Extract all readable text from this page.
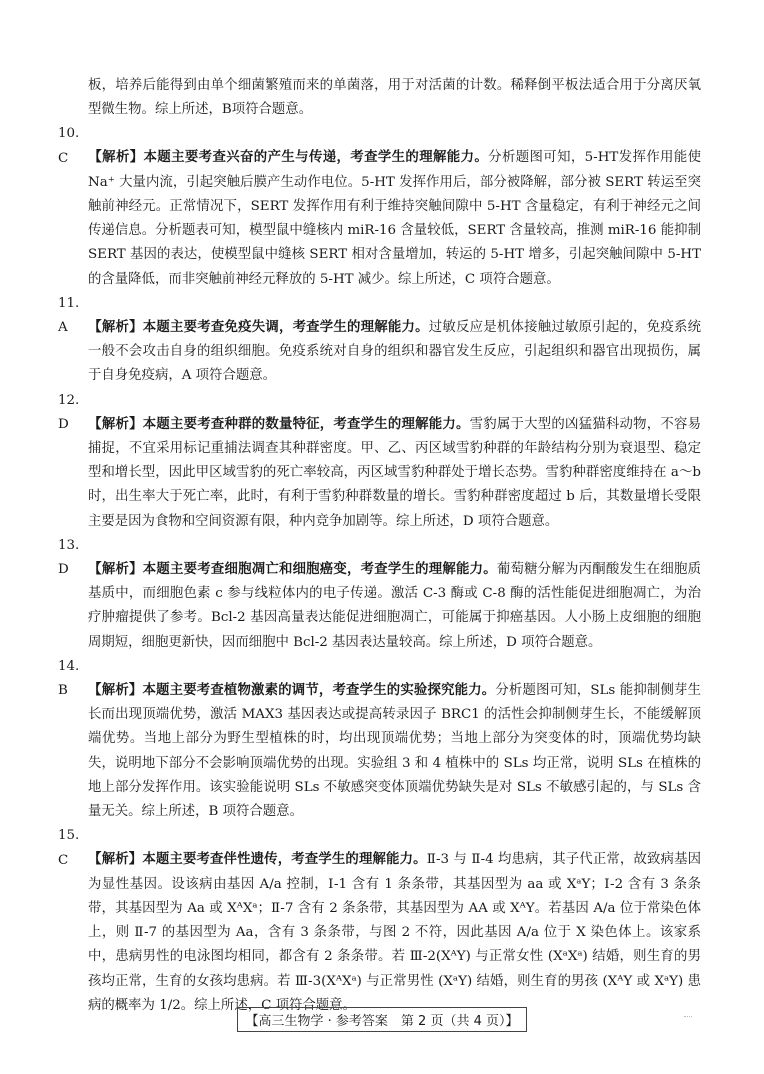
板，培养后能得到由单个细菌繁殖而来的单菌落，用于对活菌的计数。稀释倒平板法适合用于分离厌氧型微生物。综上所述，B项符合题意。

10. C 【解析】本题主要考查兴奋的产生与传递，考查学生的理解能力。分析题图可知，5-HT发挥作用能使 Na⁺ 大量内流，引起突触后膜产生动作电位。5-HT 发挥作用后，部分被降解，部分被 SERT 转运至突触前神经元。正常情况下，SERT 发挥作用有利于维持突触间隙中 5-HT 含量稳定，有利于神经元之间传递信息。分析题表可知，模型鼠中缝核内 miR-16 含量较低，SERT 含量较高，推测 miR-16 能抑制 SERT 基因的表达，使模型鼠中缝核 SERT 相对含量增加，转运的 5-HT 增多，引起突触间隙中 5-HT 的含量降低，而非突触前神经元释放的 5-HT 减少。综上所述，C 项符合题意。

11. A 【解析】本题主要考查免疫失调，考查学生的理解能力。过敏反应是机体接触过敏原引起的，免疫系统一般不会攻击自身的组织细胞。免疫系统对自身的组织和器官发生反应，引起组织和器官出现损伤，属于自身免疫病，A 项符合题意。

12. D 【解析】本题主要考查种群的数量特征，考查学生的理解能力。雪豹属于大型的凶猛猫科动物，不容易捕捉，不宜采用标记重捕法调查其种群密度。甲、乙、丙区域雪豹种群的年龄结构分别为衰退型、稳定型和增长型，因此甲区域雪豹的死亡率较高，丙区域雪豹种群处于增长态势。雪豹种群密度维持在 a～b 时，出生率大于死亡率，此时，有利于雪豹种群数量的增长。雪豹种群密度超过 b 后，其数量增长受限主要是因为食物和空间资源有限，种内竞争加剧等。综上所述，D 项符合题意。

13. D 【解析】本题主要考查细胞凋亡和细胞癌变，考查学生的理解能力。葡萄糖分解为丙酮酸发生在细胞质基质中，而细胞色素 c 参与线粒体内的电子传递。激活 C-3 酶或 C-8 酶的活性能促进细胞凋亡，为治疗肿瘤提供了参考。Bcl-2 基因高量表达能促进细胞凋亡，可能属于抑癌基因。人小肠上皮细胞的细胞周期短，细胞更新快，因而细胞中 Bcl-2 基因表达量较高。综上所述，D 项符合题意。

14. B 【解析】本题主要考查植物激素的调节，考查学生的实验探究能力。分析题图可知，SLs 能抑制侧芽生长而出现顶端优势，激活 MAX3 基因表达或提高转录因子 BRC1 的活性会抑制侧芽生长，不能缓解顶端优势。当地上部分为野生型植株的时，均出现顶端优势；当地上部分为突变体的时，顶端优势均缺失，说明地下部分不会影响顶端优势的出现。实验组 3 和 4 植株中的 SLs 均正常，说明 SLs 在植株的地上部分发挥作用。该实验能说明 SLs 不敏感突变体顶端优势缺失是对 SLs 不敏感引起的，与 SLs 含量无关。综上所述，B 项符合题意。

15. C 【解析】本题主要考查伴性遗传，考查学生的理解能力。Ⅱ-3 与 Ⅱ-4 均患病，其子代正常，故致病基因为显性基因。设该病由基因 A/a 控制，Ⅰ-1 含有 1 条条带，其基因型为 aa 或 XᵃY；Ⅰ-2 含有 3 条条带，其基因型为 Aa 或 XᴬXᵃ；Ⅱ-7 含有 2 条条带，其基因型为 AA 或 XᴬY。若基因 A/a 位于常染色体上，则 Ⅱ-7 的基因型为 Aa，含有 3 条条带，与图 2 不符，因此基因 A/a 位于 X 染色体上。该家系中，患病男性的电泳图均相同，都含有 2 条条带。若 Ⅲ-2(XᴬY) 与正常女性 (XᵃXᵃ) 结婚，则生育的男孩均正常，生育的女孩均患病。若 Ⅲ-3(XᴬXᵃ) 与正常男性 (XᵃY) 结婚，则生育的男孩 (XᴬY 或 XᵃY) 患病的概率为 1/2。综上所述，C 项符合题意。

【高三生物学 · 参考答案　第 2 页（共 4 页）】
